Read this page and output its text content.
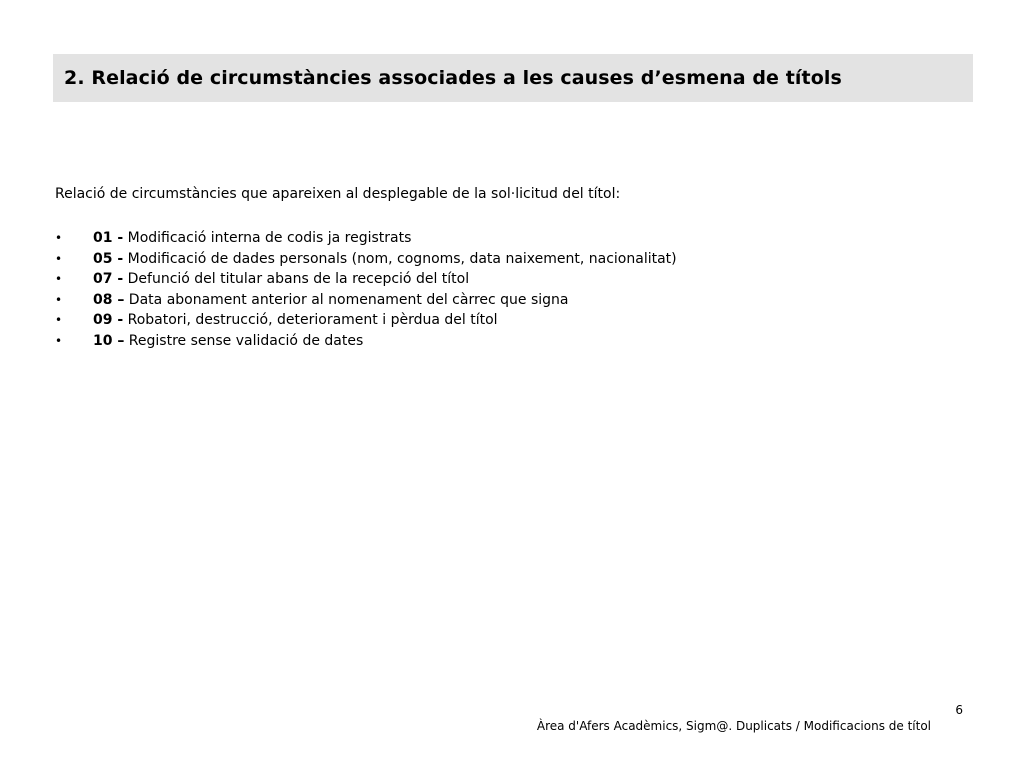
2. Relació de circumstàncies associades a les causes d’esmena de títols
Relació de circumstàncies que apareixen al desplegable de la sol·licitud del títol:
• 01 - Modificació interna de codis ja registrats
• 05 - Modificació de dades personals (nom, cognoms, data naixement, nacionalitat)
• 07 - Defunció del titular abans de la recepció del títol
• 08 – Data abonament anterior al nomenament del càrrec que signa
• 09 - Robatori, destrucció, deteriorament i pèrdua del títol
• 10 – Registre sense validació de dates
6
Àrea d'Afers Acadèmics, Sigm@. Duplicats / Modificacions de títol
